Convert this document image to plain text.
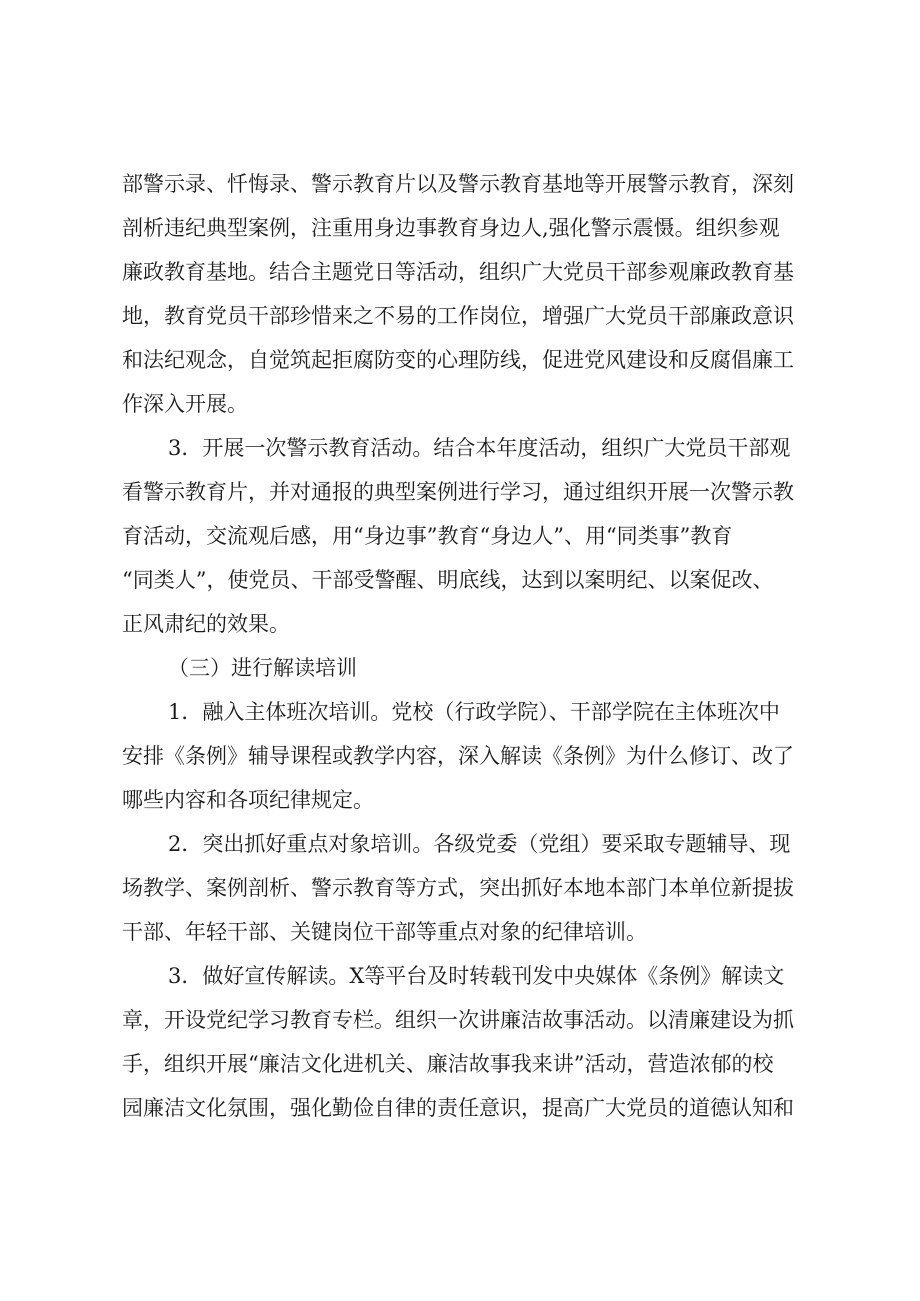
部警示录、忏悔录、警示教育片以及警示教育基地等开展警示教育，深刻
剖析违纪典型案例，注重用身边事教育身边人,强化警示震慑。组织参观
廉政教育基地。结合主题党日等活动，组织广大党员干部参观廉政教育基
地，教育党员干部珍惜来之不易的工作岗位，增强广大党员干部廉政意识
和法纪观念，自觉筑起拒腐防变的心理防线，促进党风建设和反腐倡廉工
作深入开展。
3．开展一次警示教育活动。结合本年度活动，组织广大党员干部观
看警示教育片，并对通报的典型案例进行学习，通过组织开展一次警示教
育活动，交流观后感，用“身边事”教育“身边人”、用“同类事”教育
“同类人”，使党员、干部受警醒、明底线，达到以案明纪、以案促改、
正风肃纪的效果。
（三）进行解读培训
1．融入主体班次培训。党校（行政学院）、干部学院在主体班次中
安排《条例》辅导课程或教学内容，深入解读《条例》为什么修订、改了
哪些内容和各项纪律规定。
2．突出抓好重点对象培训。各级党委（党组）要采取专题辅导、现
场教学、案例剖析、警示教育等方式，突出抓好本地本部门本单位新提拔
干部、年轻干部、关键岗位干部等重点对象的纪律培训。
3．做好宣传解读。X等平台及时转载刊发中央媒体《条例》解读文
章，开设党纪学习教育专栏。组织一次讲廉洁故事活动。以清廉建设为抓
手，组织开展“廉洁文化进机关、廉洁故事我来讲”活动，营造浓郁的校
园廉洁文化氛围，强化勤俭自律的责任意识，提高广大党员的道德认知和
